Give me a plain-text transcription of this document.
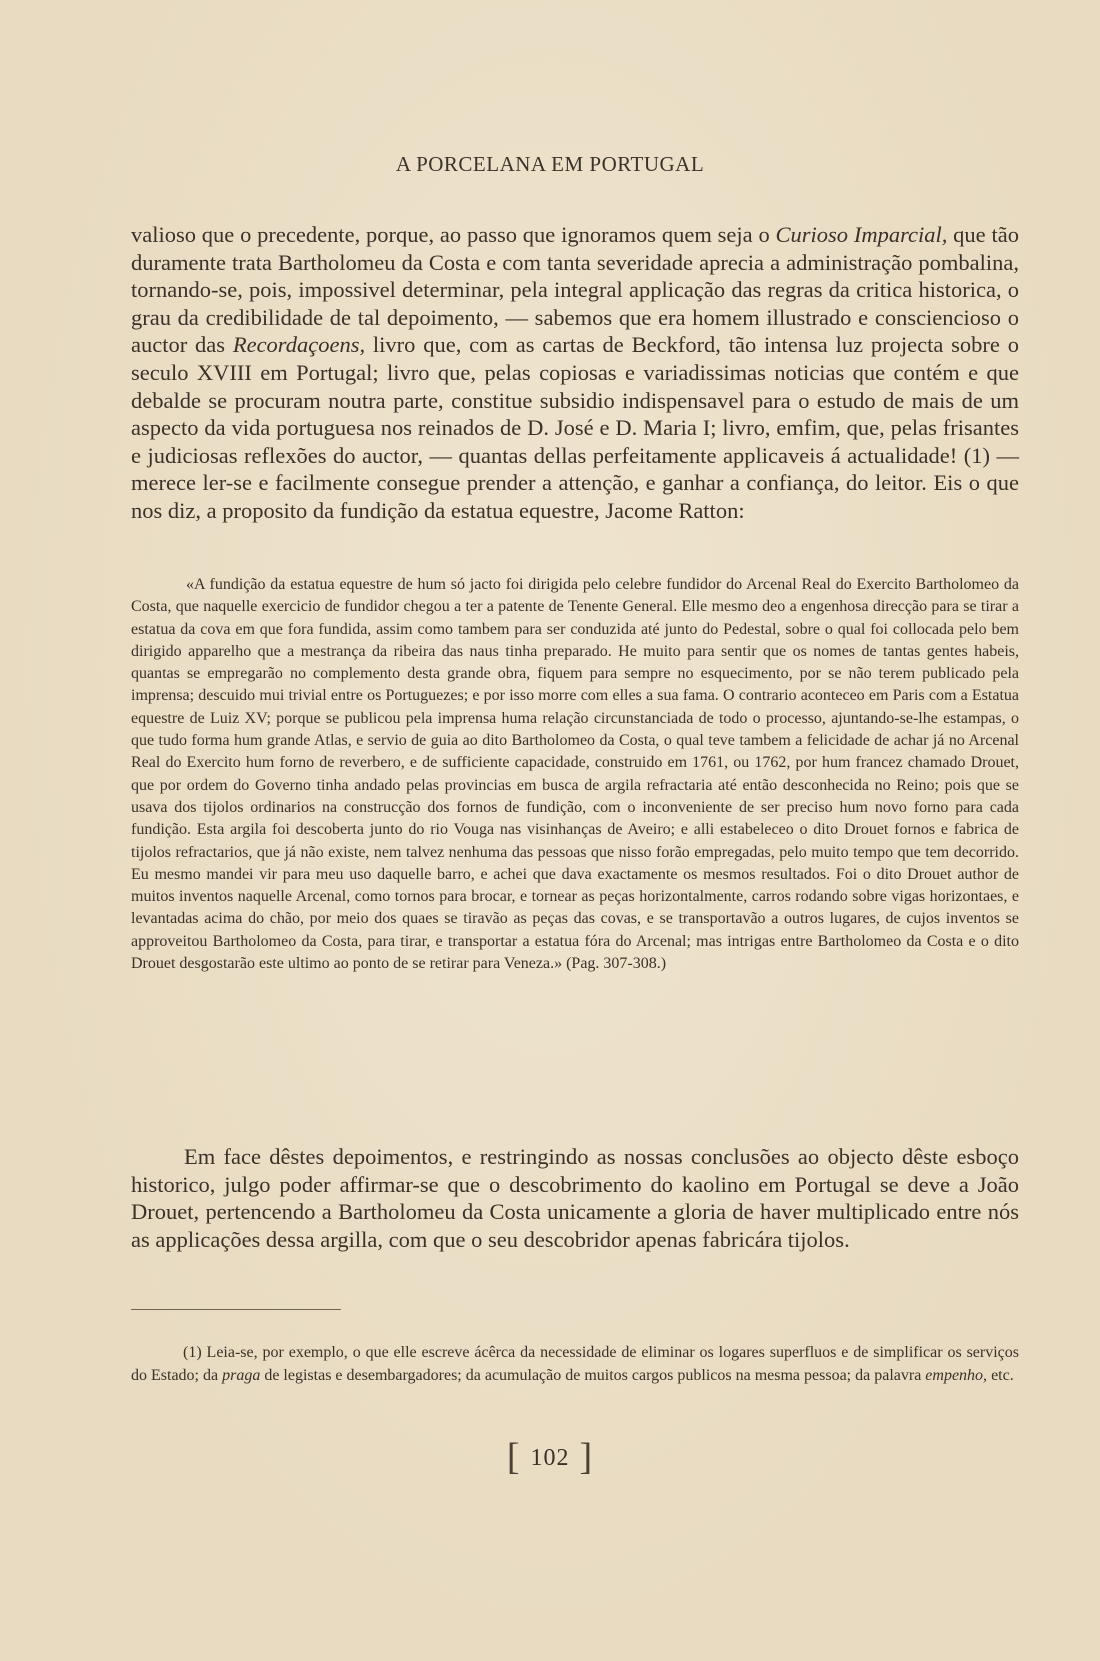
A PORCELANA EM PORTUGAL

valioso que o precedente, porque, ao passo que ignoramos quem seja o Curioso Imparcial, que tão duramente trata Bartholomeu da Costa e com tanta severidade aprecia a administração pombalina, tornando-se, pois, impossivel determinar, pela integral applicação das regras da critica historica, o grau da credibilidade de tal depoimento, — sabemos que era homem illustrado e consciencioso o auctor das Recordaçoens, livro que, com as cartas de Beckford, tão intensa luz projecta sobre o seculo XVIII em Portugal; livro que, pelas copiosas e variadissimas noticias que contém e que debalde se procuram noutra parte, constitue subsidio indispensavel para o estudo de mais de um aspecto da vida portuguesa nos reinados de D. José e D. Maria I; livro, emfim, que, pelas frisantes e judiciosas reflexões do auctor, — quantas dellas perfeitamente applicaveis á actualidade! (1) — merece ler-se e facilmente consegue prender a attenção, e ganhar a confiança, do leitor. Eis o que nos diz, a proposito da fundição da estatua equestre, Jacome Ratton:

«A fundição da estatua equestre de hum só jacto foi dirigida pelo celebre fundidor do Arcenal Real do Exercito Bartholomeo da Costa, que naquelle exercicio de fundidor chegou a ter a patente de Tenente General. Elle mesmo deo a engenhosa direcção para se tirar a estatua da cova em que fora fundida, assim como tambem para ser conduzida até junto do Pedestal, sobre o qual foi collocada pelo bem dirigido apparelho que a mestrança da ribeira das naus tinha preparado. He muito para sentir que os nomes de tantas gentes habeis, quantas se empregarão no complemento desta grande obra, fiquem para sempre no esquecimento, por se não terem publicado pela imprensa; descuido mui trivial entre os Portuguezes; e por isso morre com elles a sua fama. O contrario aconteceo em Paris com a Estatua equestre de Luiz XV; porque se publicou pela imprensa huma relação circunstanciada de todo o processo, ajuntando-se-lhe estampas, o que tudo forma hum grande Atlas, e servio de guia ao dito Bartholomeo da Costa, o qual teve tambem a felicidade de achar já no Arcenal Real do Exercito hum forno de reverbero, e de sufficiente capacidade, construido em 1761, ou 1762, por hum francez chamado Drouet, que por ordem do Governo tinha andado pelas provincias em busca de argila refractaria até então desconhecida no Reino; pois que se usava dos tijolos ordinarios na construcção dos fornos de fundição, com o inconveniente de ser preciso hum novo forno para cada fundição. Esta argila foi descoberta junto do rio Vouga nas visinhanças de Aveiro; e alli estabeleceo o dito Drouet fornos e fabrica de tijolos refractarios, que já não existe, nem talvez nenhuma das pessoas que nisso forão empregadas, pelo muito tempo que tem decorrido. Eu mesmo mandei vir para meu uso daquelle barro, e achei que dava exactamente os mesmos resultados. Foi o dito Drouet author de muitos inventos naquelle Arcenal, como tornos para brocar, e tornear as peças horizontalmente, carros rodando sobre vigas horizontaes, e levantadas acima do chão, por meio dos quaes se tiravão as peças das covas, e se transportavão a outros lugares, de cujos inventos se approveitou Bartholomeo da Costa, para tirar, e transportar a estatua fóra do Arcenal; mas intrigas entre Bartholomeo da Costa e o dito Drouet desgostarão este ultimo ao ponto de se retirar para Veneza.» (Pag. 307-308.)

Em face dêstes depoimentos, e restringindo as nossas conclusões ao objecto dêste esboço historico, julgo poder affirmar-se que o descobrimento do kaolino em Portugal se deve a João Drouet, pertencendo a Bartholomeu da Costa unicamente a gloria de haver multiplicado entre nós as applicações dessa argilla, com que o seu descobridor apenas fabricára tijolos.

(1) Leia-se, por exemplo, o que elle escreve ácêrca da necessidade de eliminar os logares superfluos e de simplificar os serviços do Estado; da praga de legistas e desembargadores; da acumulação de muitos cargos publicos na mesma pessoa; da palavra empenho, etc.

[ 102 ]
